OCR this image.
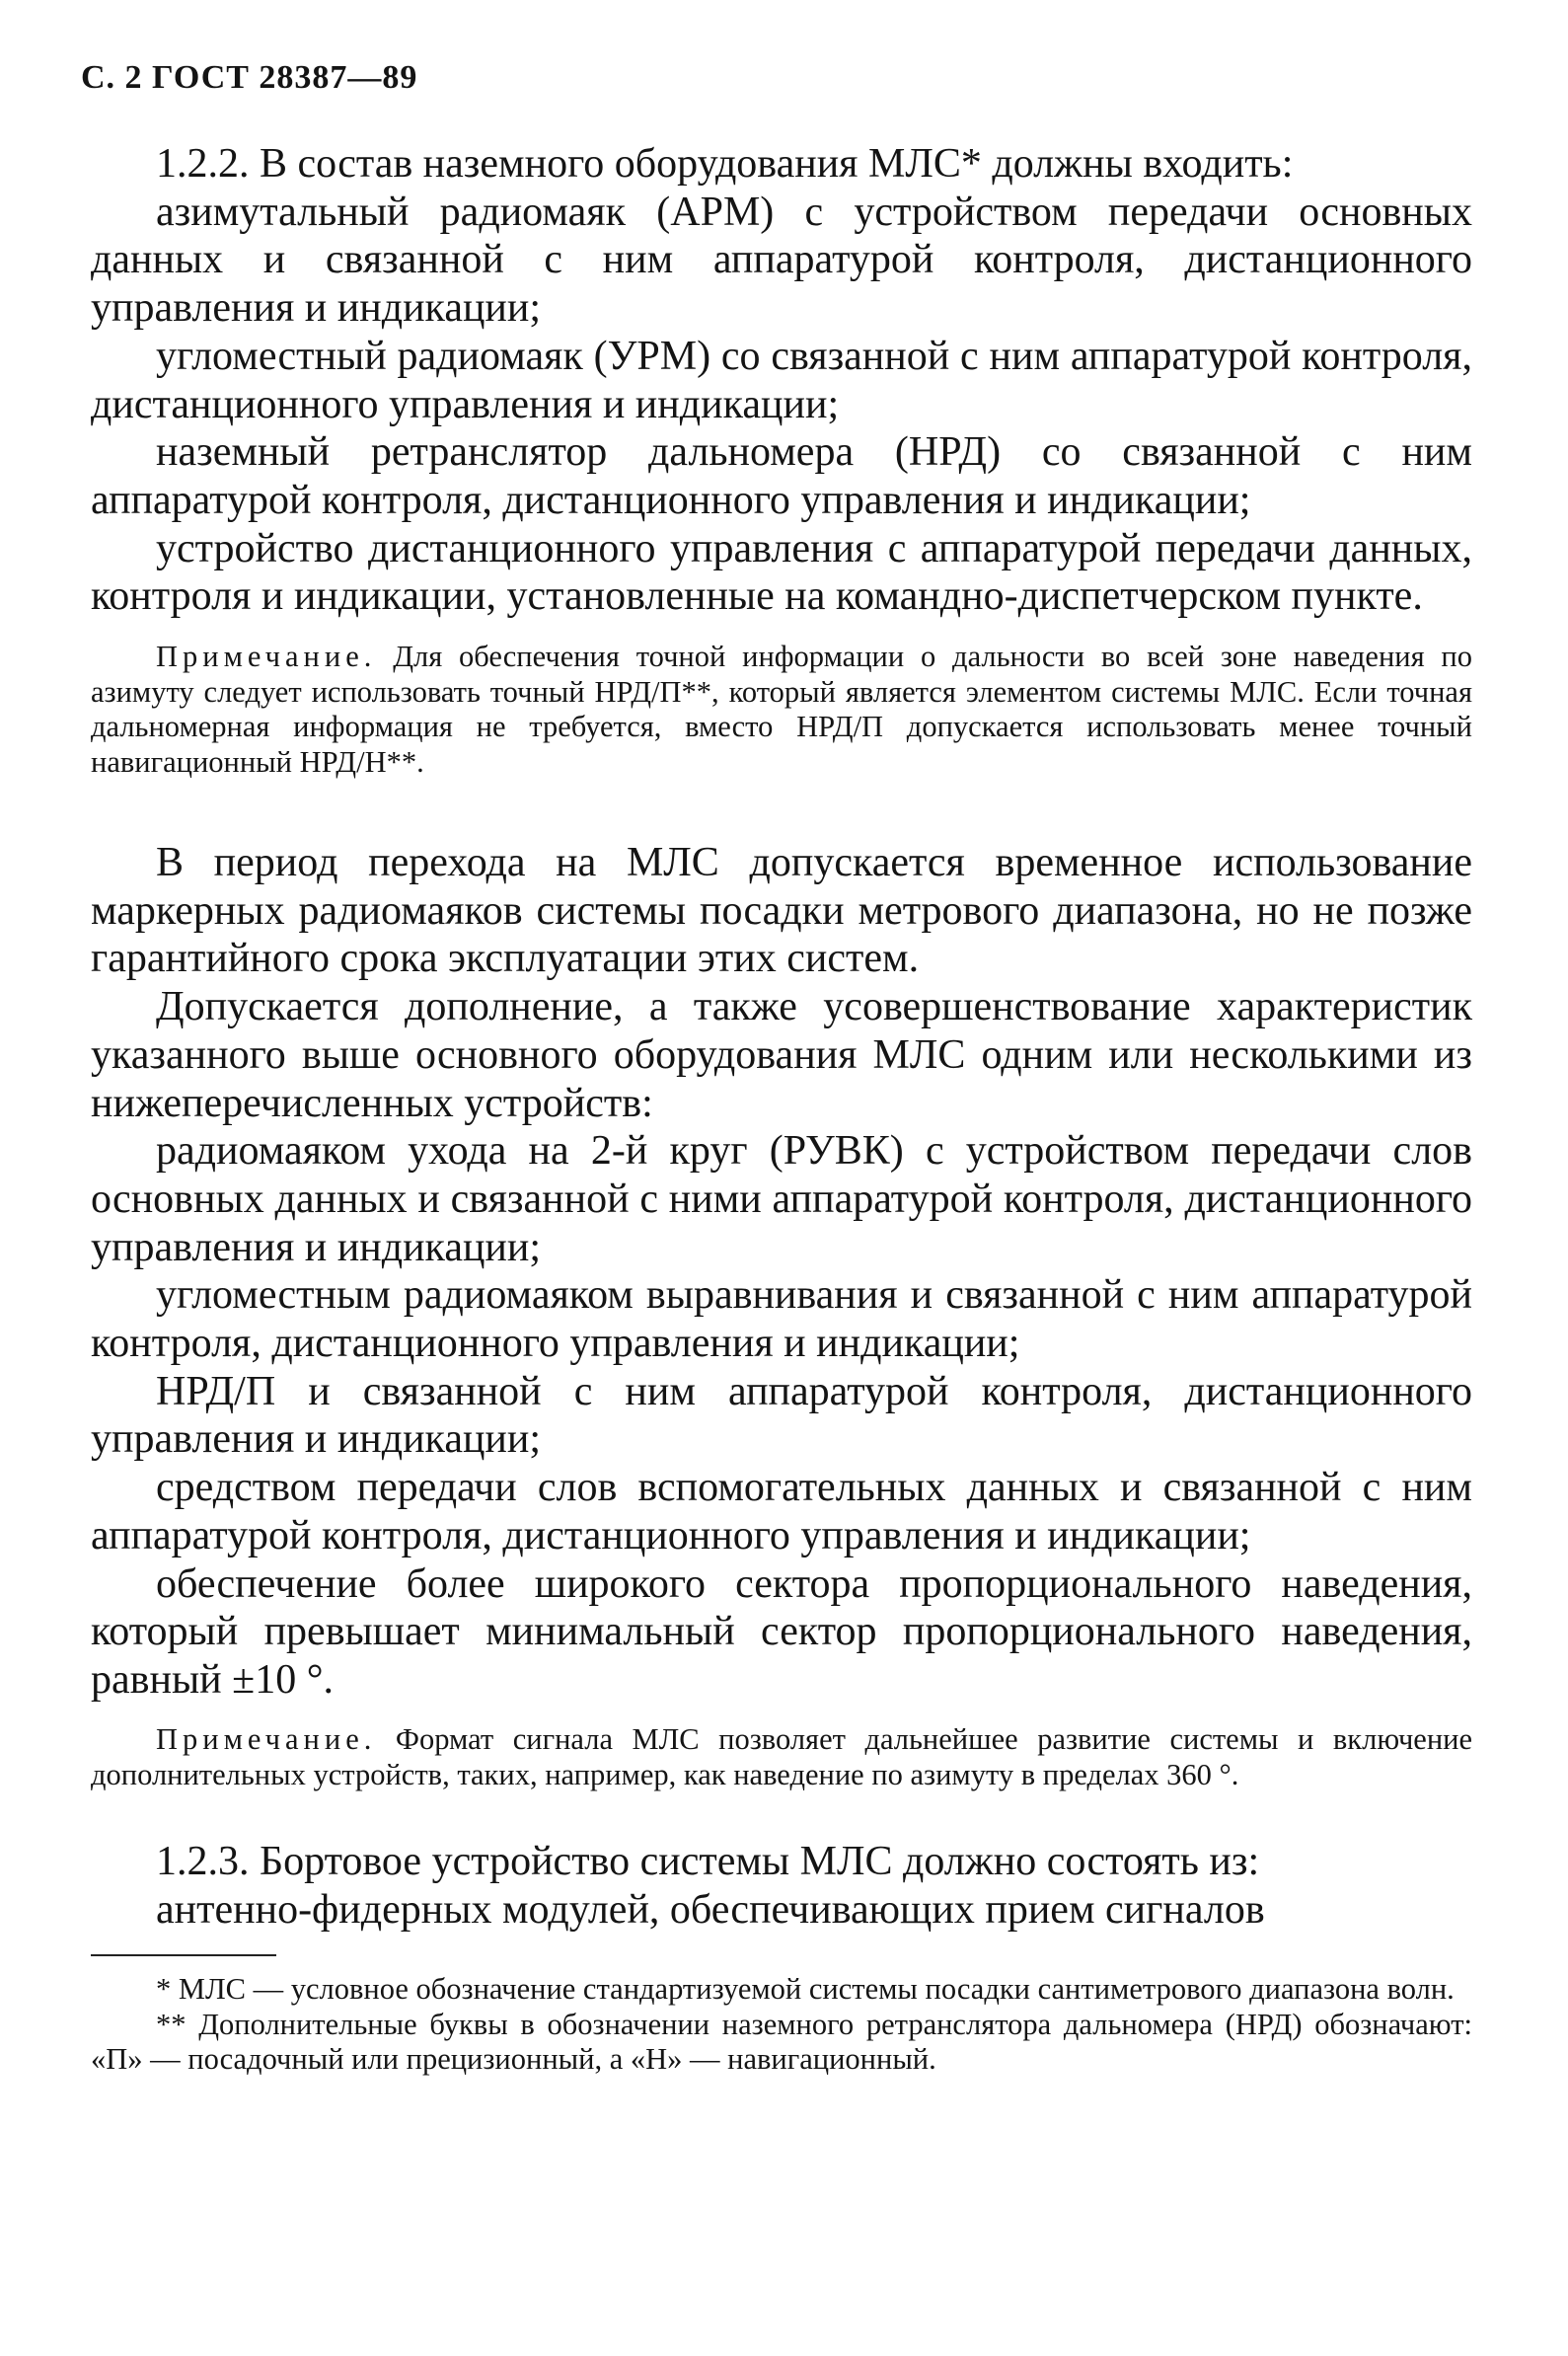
С. 2 ГОСТ 28387—89

1.2.2. В состав наземного оборудования МЛС* должны входить:

азимутальный радиомаяк (АРМ) с устройством передачи основных данных и связанной с ним аппаратурой контроля, дистанционного управления и индикации;

угломестный радиомаяк (УРМ) со связанной с ним аппаратурой контроля, дистанционного управления и индикации;

наземный ретранслятор дальномера (НРД) со связанной с ним аппаратурой контроля, дистанционного управления и индикации;

устройство дистанционного управления с аппаратурой передачи данных, контроля и индикации, установленные на командно-диспетчерском пункте.

Примечание. Для обеспечения точной информации о дальности во всей зоне наведения по азимуту следует использовать точный НРД/П**, который является элементом системы МЛС. Если точная дальномерная информация не требуется, вместо НРД/П допускается использовать менее точный навигационный НРД/Н**.

В период перехода на МЛС допускается временное использование маркерных радиомаяков системы посадки метрового диапазона, но не позже гарантийного срока эксплуатации этих систем.

Допускается дополнение, а также усовершенствование характеристик указанного выше основного оборудования МЛС одним или несколькими из нижеперечисленных устройств:

радиомаяком ухода на 2-й круг (РУВК) с устройством передачи слов основных данных и связанной с ними аппаратурой контроля, дистанционного управления и индикации;

угломестным радиомаяком выравнивания и связанной с ним аппаратурой контроля, дистанционного управления и индикации;

НРД/П и связанной с ним аппаратурой контроля, дистанционного управления и индикации;

средством передачи слов вспомогательных данных и связанной с ним аппаратурой контроля, дистанционного управления и индикации;

обеспечение более широкого сектора пропорционального наведения, который превышает минимальный сектор пропорционального наведения, равный ±10 °.

Примечание. Формат сигнала МЛС позволяет дальнейшее развитие системы и включение дополнительных устройств, таких, например, как наведение по азимуту в пределах 360 °.

1.2.3. Бортовое устройство системы МЛС должно состоять из:

антенно-фидерных модулей, обеспечивающих прием сигналов

* МЛС — условное обозначение стандартизуемой системы посадки сантиметрового диапазона волн.

** Дополнительные буквы в обозначении наземного ретранслятора дальномера (НРД) обозначают: «П» — посадочный или прецизионный, а «Н» — навигационный.
